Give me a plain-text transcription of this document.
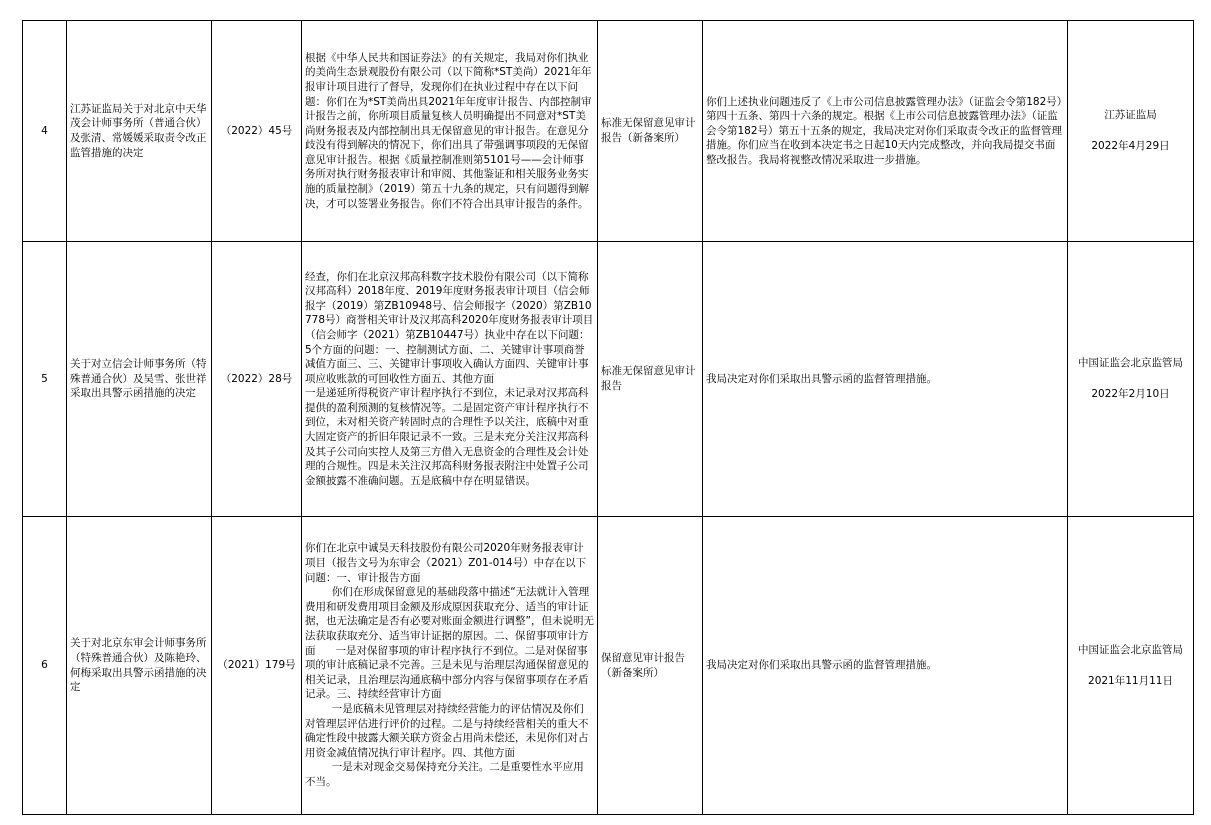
4	江苏证监局关于对北京中天华茂会计师事务所（普通合伙）及张清、常媛媛采取责令改正监管措施的决定	（2022）45号	根据《中华人民共和国证券法》的有关规定，我局对你们执业的美尚生态景观股份有限公司（以下简称*ST美尚）2021年年报审计项目进行了督导，发现你们在执业过程中存在以下问题：你们在为*ST美尚出具2021年年度审计报告、内部控制审计报告之前，你所项目质量复核人员明确提出不同意对*ST美尚财务报表及内部控制出具无保留意见的审计报告。在意见分歧没有得到解决的情况下，你们出具了带强调事项段的无保留意见审计报告。根据《质量控制准则第5101号——会计师事务所对执行财务报表审计和审阅、其他鉴证和相关服务业务实施的质量控制》（2019）第五十九条的规定，只有问题得到解决，才可以签署业务报告。你们不符合出具审计报告的条件。	标准无保留意见审计报告（新备案所）	你们上述执业问题违反了《上市公司信息披露管理办法》（证监会令第182号）第四十五条、第四十六条的规定。根据《上市公司信息披露管理办法》（证监会令第182号）第五十五条的规定，我局决定对你们采取责令改正的监督管理措施。你们应当在收到本决定书之日起10天内完成整改，并向我局提交书面整改报告。我局将视整改情况采取进一步措施。	江苏证监局
2022年4月29日

5	关于对立信会计师事务所（特殊普通合伙）及吴雪、张世祥采取出具警示函措施的决定	（2022）28号	经查，你们在北京汉邦高科数字技术股份有限公司（以下简称汉邦高科）2018年度、2019年度财务报表审计项目（信会师报字（2019）第ZB10948号、信会师报字（2020）第ZB10778号）商誉相关审计及汉邦高科2020年度财务报表审计项目（信会师字（2021）第ZB10447号）执业中存在以下问题：5个方面的问题：一、控制测试方面、二、关键审计事项商誉减值方面三、三、关键审计事项收入确认方面四、关键审计事项应收账款的可回收性方面五、其他方面
一是递延所得税资产审计程序执行不到位，未记录对汉邦高科提供的盈利预测的复核情况等。二是固定资产审计程序执行不到位，未对相关资产转固时点的合理性予以关注，底稿中对重大固定资产的折旧年限记录不一致。三是未充分关注汉邦高科及其子公司向实控人及第三方借入无息资金的合理性及会计处理的合规性。四是未关注汉邦高科财务报表附注中处置子公司金额披露不准确问题。五是底稿中存在明显错误。	标准无保留意见审计报告	我局决定对你们采取出具警示函的监督管理措施。	中国证监会北京监管局
2022年2月10日

6	关于对北京东审会计师事务所（特殊普通合伙）及陈艳玲、何梅采取出具警示函措施的决定	（2021）179号	你们在北京中诚昊天科技股份有限公司2020年财务报表审计项目（报告文号为东审会（2021）Z01-014号）中存在以下问题：一、审计报告方面
你们在形成保留意见的基础段落中描述“无法就计入管理费用和研发费用项目金额及形成原因获取充分、适当的审计证据，也无法确定是否有必要对账面金额进行调整”，但未说明无法获取获取充分、适当审计证据的原因。二、保留事项审计方面      一是对保留事项的审计程序执行不到位。二是对保留事项的审计底稿记录不完善。三是未见与治理层沟通保留意见的相关记录，且治理层沟通底稿中部分内容与保留事项存在矛盾记录。三、持续经营审计方面
一是底稿未见管理层对持续经营能力的评估情况及你们对管理层评估进行评价的过程。二是与持续经营相关的重大不确定性段中披露大额关联方资金占用尚未偿还，未见你们对占用资金减值情况执行审计程序。四、其他方面
一是未对现金交易保持充分关注。二是重要性水平应用不当。	保留意见审计报告（新备案所）	我局决定对你们采取出具警示函的监督管理措施。	中国证监会北京监管局
2021年11月11日
